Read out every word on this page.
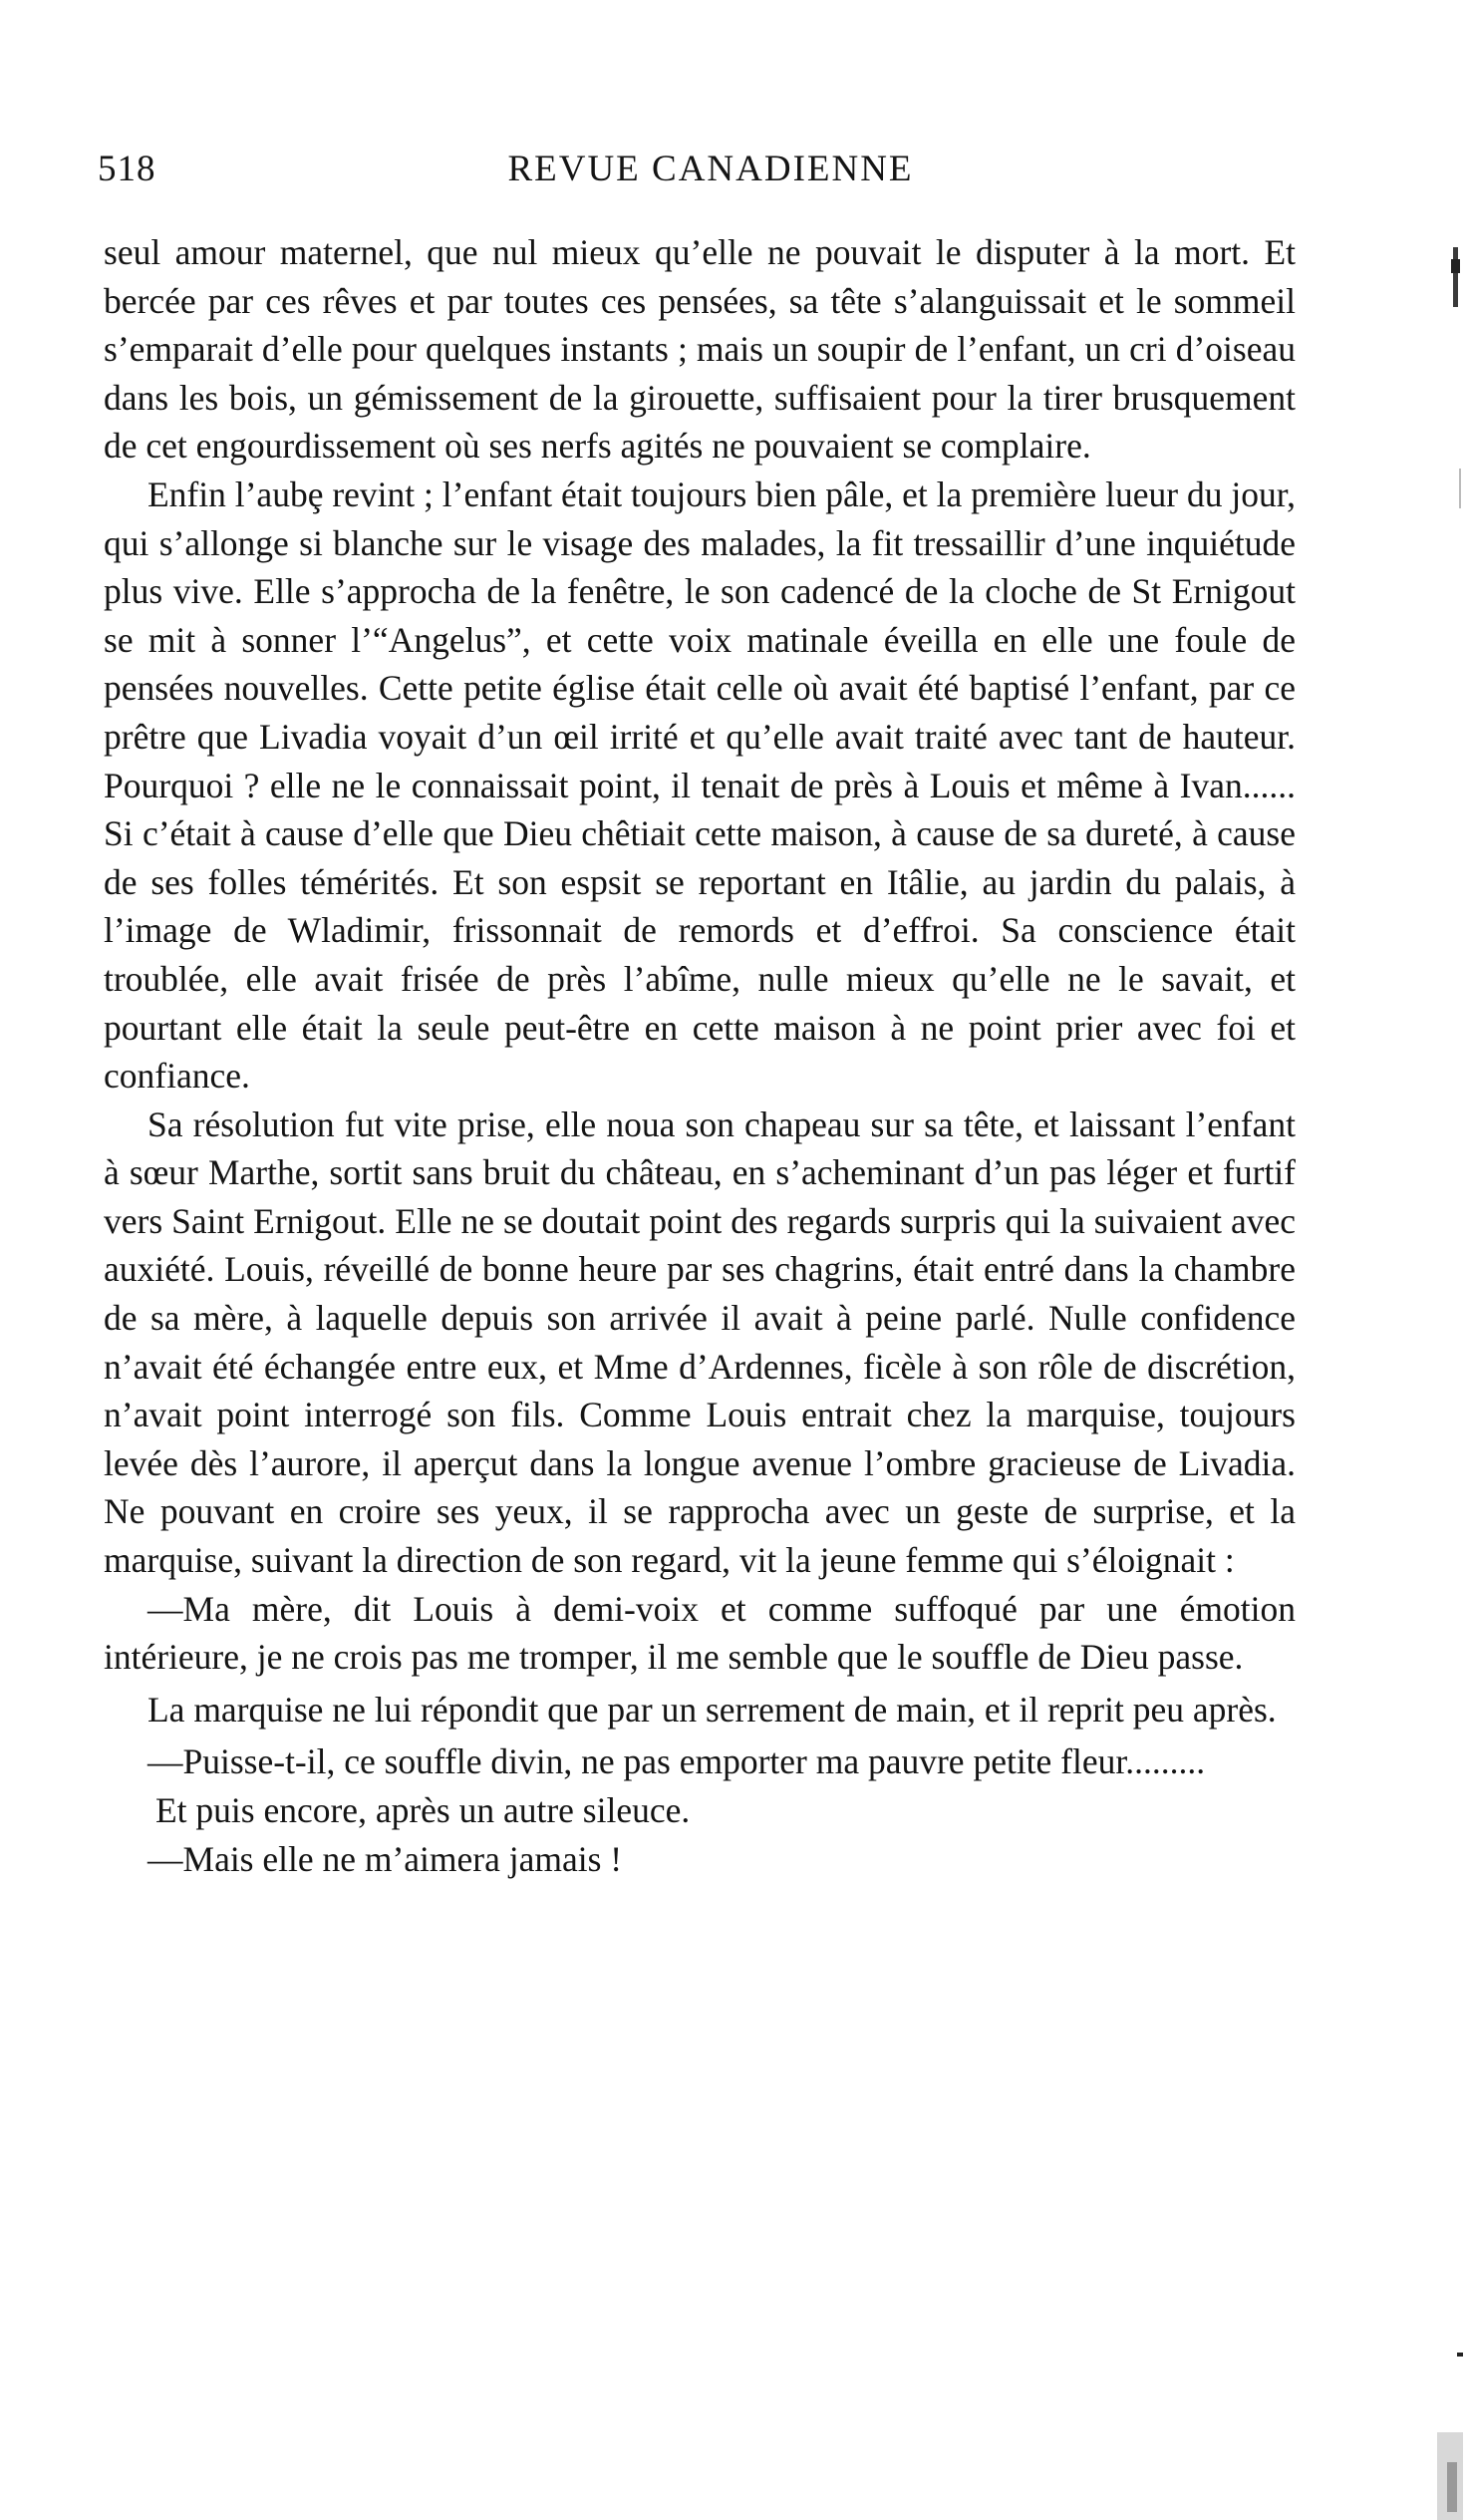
518	REVUE CANADIENNE

seul amour maternel, que nul mieux qu’elle ne pouvait le disputer à la mort. Et bercée par ces rêves et par toutes ces pensées, sa tête s’alanguissait et le sommeil s’emparait d’elle pour quelques instants ; mais un soupir de l’enfant, un cri d’oiseau dans les bois, un gémissement de la girouette, suffisaient pour la tirer brusquement de cet engourdissement où ses nerfs agités ne pouvaient se complaire.

Enfin l’aubȩ revint ; l’enfant était toujours bien pâle, et la première lueur du jour, qui s’allonge si blanche sur le visage des malades, la fit tressaillir d’une inquiétude plus vive. Elle s’approcha de la fenêtre, le son cadencé de la cloche de St Ernigout se mit à sonner l’“Angelus”, et cette voix matinale éveilla en elle une foule de pensées nouvelles. Cette petite église était celle où avait été baptisé l’enfant, par ce prêtre que Livadia voyait d’un œil irrité et qu’elle avait traité avec tant de hauteur. Pourquoi ? elle ne le connaissait point, il tenait de près à Louis et même à Ivan...... Si c’était à cause d’elle que Dieu chêtiait cette maison, à cause de sa dureté, à cause de ses folles témérités. Et son espsit se reportant en Itâlie, au jardin du palais, à l’image de Wladimir, frissonnait de remords et d’effroi. Sa conscience était troublée, elle avait frisée de près l’abîme, nulle mieux qu’elle ne le savait, et pourtant elle était la seule peut-être en cette maison à ne point prier avec foi et confiance.

Sa résolution fut vite prise, elle noua son chapeau sur sa tête, et laissant l’enfant à sœur Marthe, sortit sans bruit du château, en s’acheminant d’un pas léger et furtif vers Saint Ernigout. Elle ne se doutait point des regards surpris qui la suivaient avec auxiété. Louis, réveillé de bonne heure par ses chagrins, était entré dans la chambre de sa mère, à laquelle depuis son arrivée il avait à peine parlé. Nulle confidence n’avait été échangée entre eux, et Mme d’Ardennes, ficèle à son rôle de discrétion, n’avait point interrogé son fils. Comme Louis entrait chez la marquise, toujours levée dès l’aurore, il aperçut dans la longue avenue l’ombre gracieuse de Livadia. Ne pouvant en croire ses yeux, il se rapprocha avec un geste de surprise, et la marquise, suivant la direction de son regard, vit la jeune femme qui s’éloignait :

—Ma mère, dit Louis à demi-voix et comme suffoqué par une émotion intérieure, je ne crois pas me tromper, il me semble que le souffle de Dieu passe.

La marquise ne lui répondit que par un serrement de main, et il reprit peu après.

—Puisse-t-il, ce souffle divin, ne pas emporter ma pauvre petite fleur.........

Et puis encore, après un autre sileuce.

—Mais elle ne m’aimera jamais !
